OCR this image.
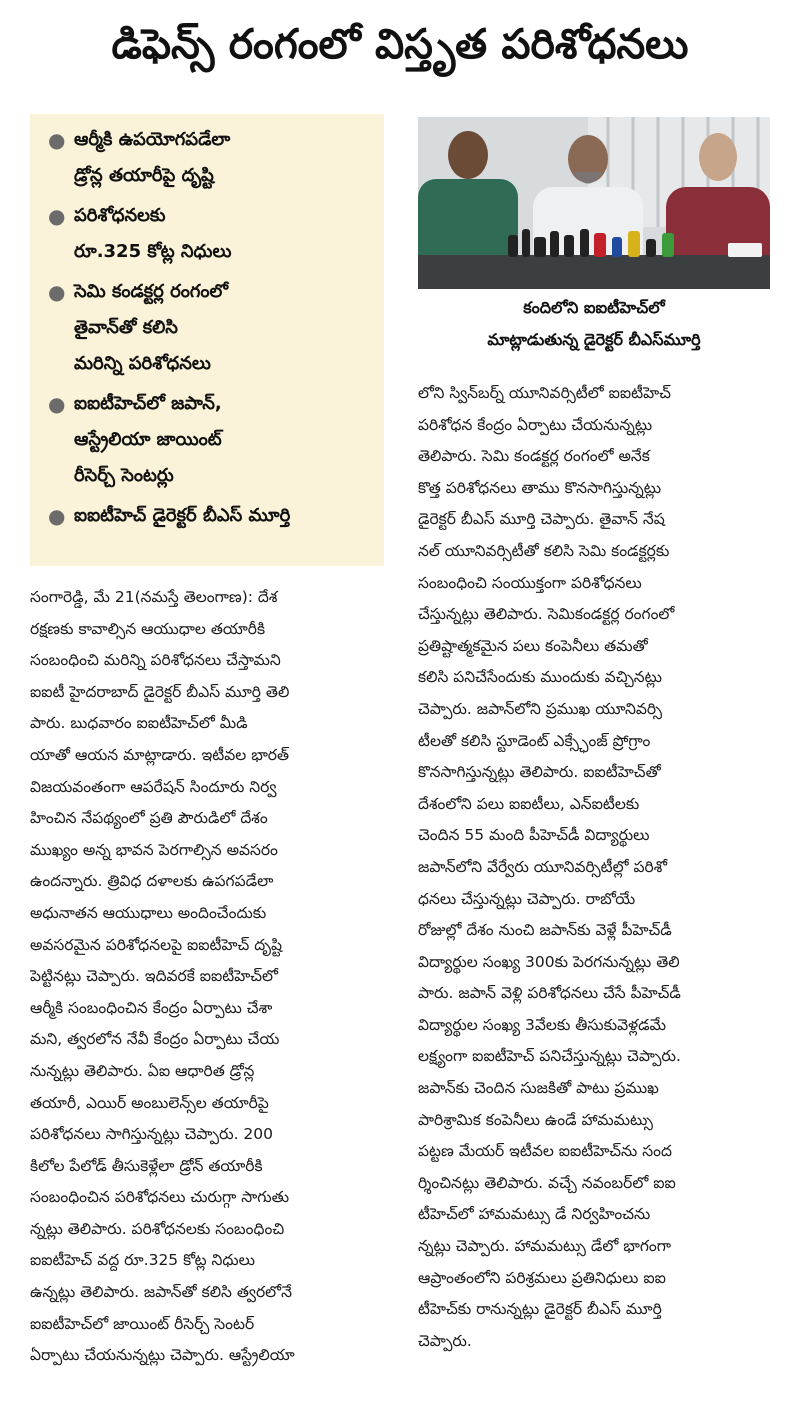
డిఫెన్స్ రంగంలో విస్తృత పరిశోధనలు
● ఆర్మీకి ఉపయోగపడేలా
డ్రోన్ల తయారీపై దృష్టి
● పరిశోధనలకు
రూ.325 కోట్ల నిధులు
● సెమి కండక్టర్ల రంగంలో
తైవాన్‌తో కలిసి
మరిన్ని పరిశోధనలు
● ఐఐటీహెచ్‌లో జపాన్,
ఆస్ట్రేలియా జాయింట్
రీసెర్చ్ సెంటర్లు
● ఐఐటీహెచ్ డైరెక్టర్ బీఎస్ మూర్తి
కందిలోని ఐఐటీహెచ్‌లో
మాట్లాడుతున్న డైరెక్టర్ బీఎస్‌మూర్తి
సంగారెడ్డి, మే 21(నమస్తే తెలంగాణ): దేశ
రక్షణకు కావాల్సిన ఆయుధాల తయారీకి
సంబంధించి మరిన్ని పరిశోధనలు చేస్తామని
ఐఐటీ హైదరాబాద్ డైరెక్టర్ బీఎస్ మూర్తి తెలి
పారు. బుధవారం ఐఐటీహెచ్‌లో మీడి
యాతో ఆయన మాట్లాడారు. ఇటీవల భారత్
విజయవంతంగా ఆపరేషన్ సిందూరు నిర్వ
హించిన నేపథ్యంలో ప్రతి పౌరుడిలో దేశం
ముఖ్యం అన్న భావన పెరగాల్సిన అవసరం
ఉందన్నారు. త్రివిధ దళాలకు ఉపగపడేలా
అధునాతన ఆయుధాలు అందించేందుకు
అవసరమైన పరిశోధనలపై ఐఐటీహెచ్ దృష్టి
పెట్టినట్లు చెప్పారు. ఇదివరకే ఐఐటీహెచ్‌లో
ఆర్మీకి సంబంధించిన కేంద్రం ఏర్పాటు చేశా
మని, త్వరలోన నేవీ కేంద్రం ఏర్పాటు చేయ
నున్నట్లు తెలిపారు. ఏఐ ఆధారిత డ్రోన్ల
తయారీ, ఎయిర్ అంబులెన్స్‌ల తయారీపై
పరిశోధనలు సాగిస్తున్నట్లు చెప్పారు. 200
కిలోల పేలోడ్ తీసుకెళ్లేలా డ్రోన్ తయారీకి
సంబంధించిన పరిశోధనలు చురుగ్గా సాగుతు
న్నట్లు తెలిపారు. పరిశోధనలకు సంబంధించి
ఐఐటీహెచ్ వద్ద రూ.325 కోట్ల నిధులు
ఉన్నట్లు తెలిపారు. జపాన్‌తో కలిసి త్వరలోనే
ఐఐటీహెచ్‌లో జాయింట్ రీసెర్చ్ సెంటర్
ఏర్పాటు చేయనున్నట్లు చెప్పారు. ఆస్ట్రేలియా
లోని స్విన్‌బర్న్ యూనివర్సిటీలో ఐఐటీహెచ్
పరిశోధన కేంద్రం ఏర్పాటు చేయనున్నట్లు
తెలిపారు. సెమి కండక్టర్ల రంగంలో అనేక
కొత్త పరిశోధనలు తాము కొనసాగిస్తున్నట్లు
డైరెక్టర్ బీఎస్ మూర్తి చెప్పారు. తైవాన్ నేష
నల్ యూనివర్సిటీతో కలిసి సెమి కండక్టర్లకు
సంబంధించి సంయుక్తంగా పరిశోధనలు
చేస్తున్నట్లు తెలిపారు. సెమికండక్టర్ల రంగంలో
ప్రతిష్టాత్మకమైన పలు కంపెనీలు తమతో
కలిసి పనిచేసేందుకు ముందుకు వచ్చినట్లు
చెప్పారు. జపాన్‌లోని ప్రముఖ యూనివర్సి
టీలతో కలిసి స్టూడెంట్ ఎక్స్ఛేంజ్ ప్రోగ్రాం
కొనసాగిస్తున్నట్లు తెలిపారు. ఐఐటీహెచ్‌తో
దేశంలోని పలు ఐఐటీలు, ఎన్ఐటీలకు
చెందిన 55 మంది పీహెచ్‌డీ విద్యార్థులు
జపాన్‌లోని వేర్వేరు యూనివర్సిటీల్లో పరిశో
ధనలు చేస్తున్నట్లు చెప్పారు. రాబోయే
రోజుల్లో దేశం నుంచి జపాన్‌కు వెళ్లే పీహెచ్‌డీ
విద్యార్థుల సంఖ్య 300కు పెరగనున్నట్లు తెలి
పారు. జపాన్ వెళ్లి పరిశోధనలు చేసే పీహెచ్‌డీ
విద్యార్థుల సంఖ్య 3వేలకు తీసుకువెళ్లడమే
లక్ష్యంగా ఐఐటీహెచ్ పనిచేస్తున్నట్లు చెప్పారు.
జపాన్‌కు చెందిన సుజకితో పాటు ప్రముఖ
పారిశ్రామిక కంపెనీలు ఉండే హామమట్సు
పట్టణ మేయర్ ఇటీవల ఐఐటీహెచ్‌ను సంద
ర్శించినట్లు తెలిపారు. వచ్చే నవంబర్‌లో ఐఐ
టీహెచ్‌లో హామమట్సు డే నిర్వహించను
న్నట్లు చెప్పారు. హామమట్సు డేలో భాగంగా
ఆప్రాంతంలోని పరిశ్రమలు ప్రతినిధులు ఐఐ
టీహెచ్‌కు రానున్నట్లు డైరెక్టర్ బీఎస్ మూర్తి
చెప్పారు.
